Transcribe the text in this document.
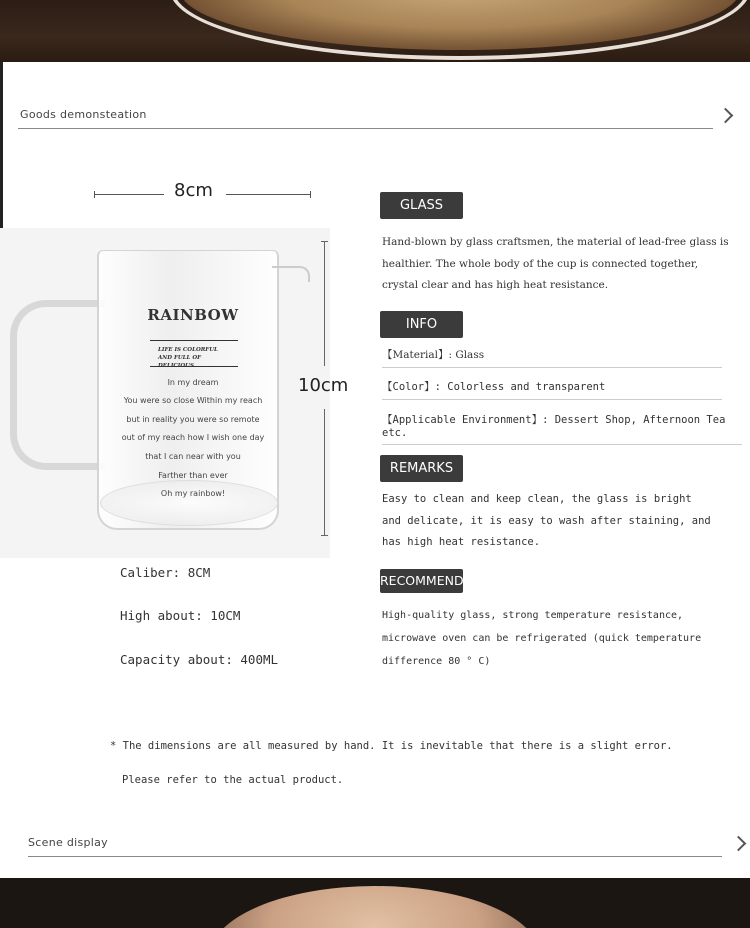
Goods demonsteation
RAINBOW
LIFE IS COLORFUL
AND FULL OF
In my dream
You were so close Within my reach
but in reality you were so remote
out of my reach how I wish one day
that I can near with you
Farther than ever
Oh my rainbow!
8cm
10cm
Caliber: 8CM
High about: 10CM
Capacity about: 400ML
GLASS
Hand-blown by glass craftsmen, the material of lead-free glass is healthier. The whole body of the cup is connected together, crystal clear and has high heat resistance.
INFO
【Material】: Glass
【Color】: Colorless and transparent
【Applicable Environment】: Dessert Shop, Afternoon Tea etc.
REMARKS
Easy to clean and keep clean, the glass is bright and delicate, it is easy to wash after staining, and has high heat resistance.
RECOMMEND
High-quality glass, strong temperature resistance, microwave oven can be refrigerated (quick temperature difference 80 ° C)
* The dimensions are all measured by hand. It is inevitable that there is a slight error.
Please refer to the actual product.
Scene display
